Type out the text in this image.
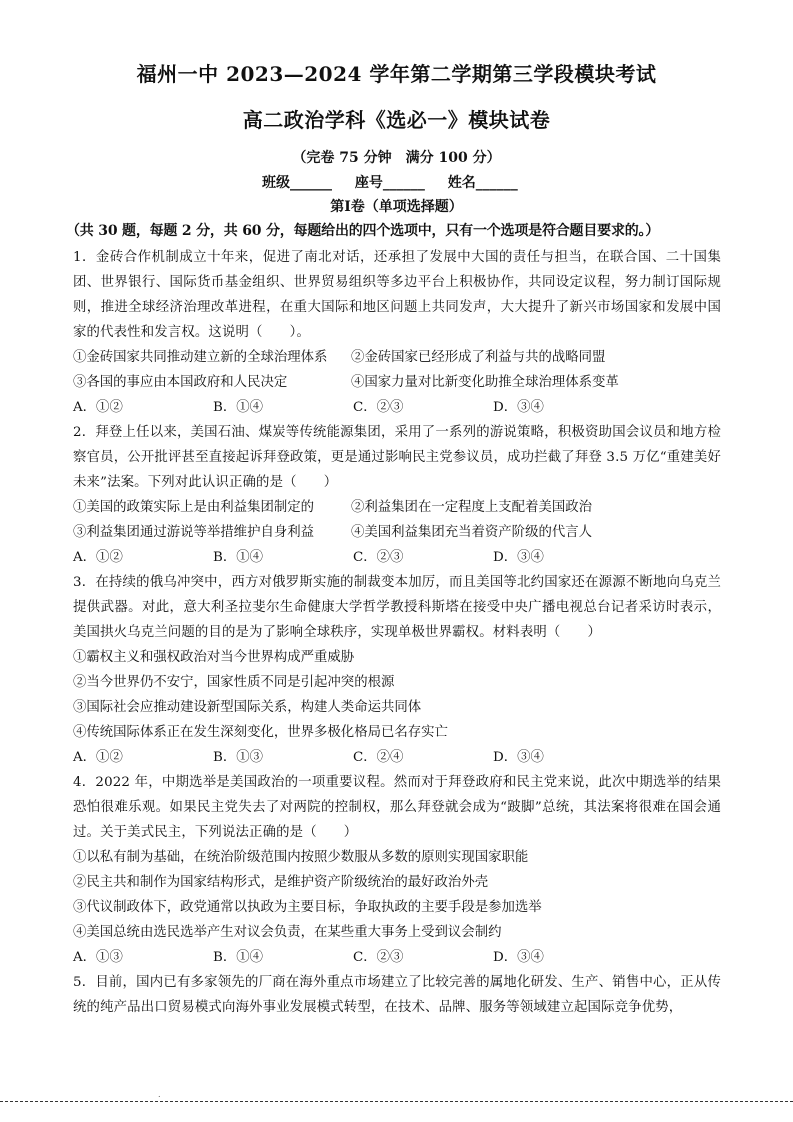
福州一中 2023—2024 学年第二学期第三学段模块考试
高二政治学科《选必一》模块试卷
（完卷 75 分钟　满分 100 分）
班级______ 座号______ 姓名______
第Ⅰ卷（单项选择题）
（共 30 题，每题 2 分，共 60 分，每题给出的四个选项中，只有一个选项是符合题目要求的。）

1．金砖合作机制成立十年来，促进了南北对话，还承担了发展中大国的责任与担当，在联合国、二十国集团、世界银行、国际货币基金组织、世界贸易组织等多边平台上积极协作，共同设定议程，努力制订国际规则，推进全球经济治理改革进程，在重大国际和地区问题上共同发声，大大提升了新兴市场国家和发展中国家的代表性和发言权。这说明（　　）。

①金砖国家共同推动建立新的全球治理体系	②金砖国家已经形成了利益与共的战略同盟
③各国的事应由本国政府和人民决定	④国家力量对比新变化助推全球治理体系变革
A．①②	B．①④	C．②③	D．③④

2．拜登上任以来，美国石油、煤炭等传统能源集团，采用了一系列的游说策略，积极资助国会议员和地方检察官员，公开批评甚至直接起诉拜登政策，更是通过影响民主党参议员，成功拦截了拜登 3.5 万亿“重建美好未来”法案。下列对此认识正确的是（　　）

①美国的政策实际上是由利益集团制定的	②利益集团在一定程度上支配着美国政治
③利益集团通过游说等举措维护自身利益	④美国利益集团充当着资产阶级的代言人
A．①②	B．①④	C．②③	D．③④

3．在持续的俄乌冲突中，西方对俄罗斯实施的制裁变本加厉，而且美国等北约国家还在源源不断地向乌克兰提供武器。对此，意大利圣拉斐尔生命健康大学哲学教授科斯塔在接受中央广播电视总台记者采访时表示，美国拱火乌克兰问题的目的是为了影响全球秩序，实现单极世界霸权。材料表明（　　）

①霸权主义和强权政治对当今世界构成严重威胁
②当今世界仍不安宁，国家性质不同是引起冲突的根源
③国际社会应推动建设新型国际关系，构建人类命运共同体
④传统国际体系正在发生深刻变化，世界多极化格局已名存实亡
A．①②	B．①③	C．②④	D．③④

4．2022 年，中期选举是美国政治的一项重要议程。然而对于拜登政府和民主党来说，此次中期选举的结果恐怕很难乐观。如果民主党失去了对两院的控制权，那么拜登就会成为“跛脚”总统，其法案将很难在国会通过。关于美式民主，下列说法正确的是（　　）

①以私有制为基础，在统治阶级范围内按照少数服从多数的原则实现国家职能
②民主共和制作为国家结构形式，是维护资产阶级统治的最好政治外壳
③代议制政体下，政党通常以执政为主要目标，争取执政的主要手段是参加选举
④美国总统由选民选举产生对议会负责，在某些重大事务上受到议会制约
A．①③	B．①④	C．②③	D．③④

5．目前，国内已有多家领先的厂商在海外重点市场建立了比较完善的属地化研发、生产、销售中心，正从传统的纯产品出口贸易模式向海外事业发展模式转型，在技术、品牌、服务等领域建立起国际竞争优势，

.
